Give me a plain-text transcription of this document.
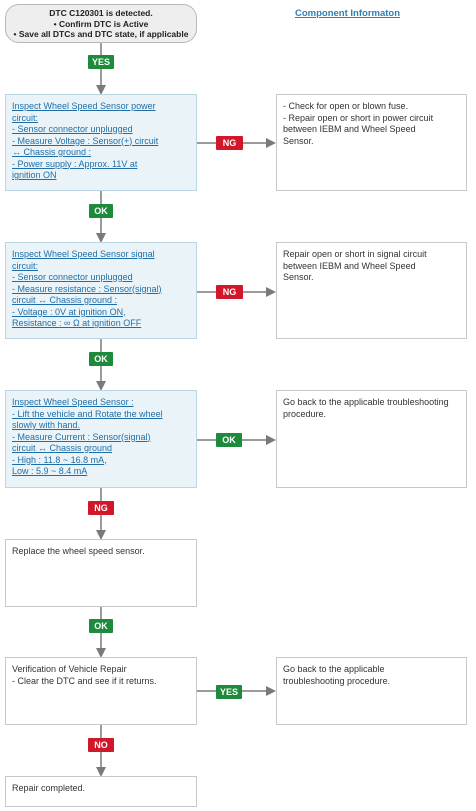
DTC C120301 is detected.
• Confirm DTC is Active
• Save all DTCs and DTC state, if applicable
Component Informaton
YES
Inspect Wheel Speed Sensor power
circuit:
- Sensor connector unplugged
- Measure Voltage : Sensor(+) circuit
↔ Chassis ground :
- Power supply : Approx. 11V at
ignition ON
NG
- Check for open or blown fuse.
- Repair open or short in power circuit
between IEBM and Wheel Speed
Sensor.
OK
Inspect Wheel Speed Sensor signal
circuit:
- Sensor connector unplugged
- Measure resistance : Sensor(signal)
circuit ↔ Chassis ground :
- Voltage : 0V at ignition ON,
Resistance : ∞ Ω at ignition OFF
NG
Repair open or short in signal circuit
between IEBM and Wheel Speed
Sensor.
OK
Inspect Wheel Speed Sensor :
- Lift the vehicle and Rotate the wheel
slowly with hand.
- Measure Current : Sensor(signal)
circuit ↔ Chassis ground
- High : 11.8 ~ 16.8 mA,
Low : 5.9 ~ 8.4 mA
OK
Go back to the applicable troubleshooting
procedure.
NG
Replace the wheel speed sensor.
OK
Verification of Vehicle Repair
- Clear the DTC and see if it returns.
YES
Go back to the applicable
troubleshooting procedure.
NO
Repair completed.
